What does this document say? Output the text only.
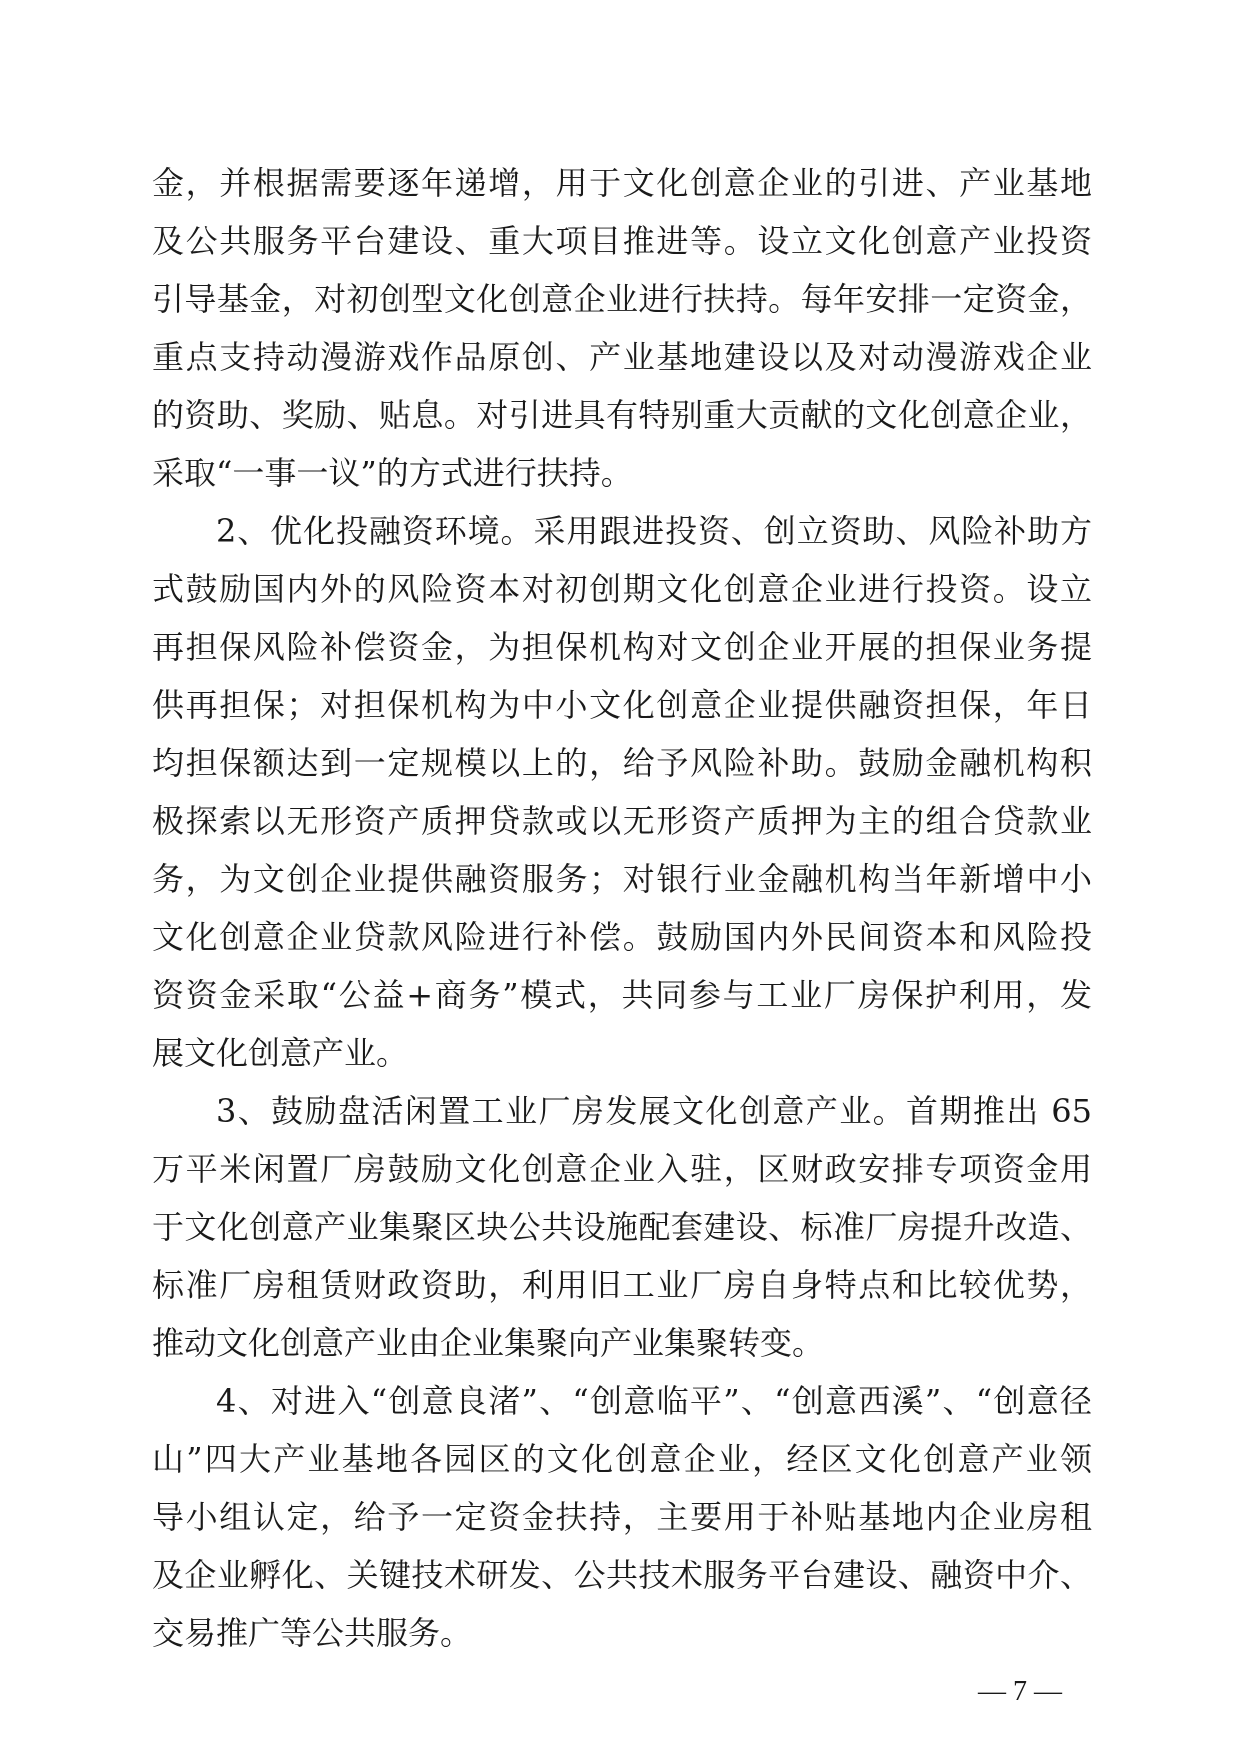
金，并根据需要逐年递增，用于文化创意企业的引进、产业基地
及公共服务平台建设、重大项目推进等。设立文化创意产业投资
引导基金，对初创型文化创意企业进行扶持。每年安排一定资金，
重点支持动漫游戏作品原创、产业基地建设以及对动漫游戏企业
的资助、奖励、贴息。对引进具有特别重大贡献的文化创意企业，
采取“一事一议”的方式进行扶持。
2、优化投融资环境。采用跟进投资、创立资助、风险补助方
式鼓励国内外的风险资本对初创期文化创意企业进行投资。设立
再担保风险补偿资金，为担保机构对文创企业开展的担保业务提
供再担保；对担保机构为中小文化创意企业提供融资担保，年日
均担保额达到一定规模以上的，给予风险补助。鼓励金融机构积
极探索以无形资产质押贷款或以无形资产质押为主的组合贷款业
务，为文创企业提供融资服务；对银行业金融机构当年新增中小
文化创意企业贷款风险进行补偿。鼓励国内外民间资本和风险投
资资金采取“公益+商务”模式，共同参与工业厂房保护利用，发
展文化创意产业。
3、鼓励盘活闲置工业厂房发展文化创意产业。首期推出 65
万平米闲置厂房鼓励文化创意企业入驻，区财政安排专项资金用
于文化创意产业集聚区块公共设施配套建设、标准厂房提升改造、
标准厂房租赁财政资助，利用旧工业厂房自身特点和比较优势，
推动文化创意产业由企业集聚向产业集聚转变。
4、对进入“创意良渚”、“创意临平”、“创意西溪”、“创意径
山”四大产业基地各园区的文化创意企业，经区文化创意产业领
导小组认定，给予一定资金扶持，主要用于补贴基地内企业房租
及企业孵化、关键技术研发、公共技术服务平台建设、融资中介、
交易推广等公共服务。
— 7 —
